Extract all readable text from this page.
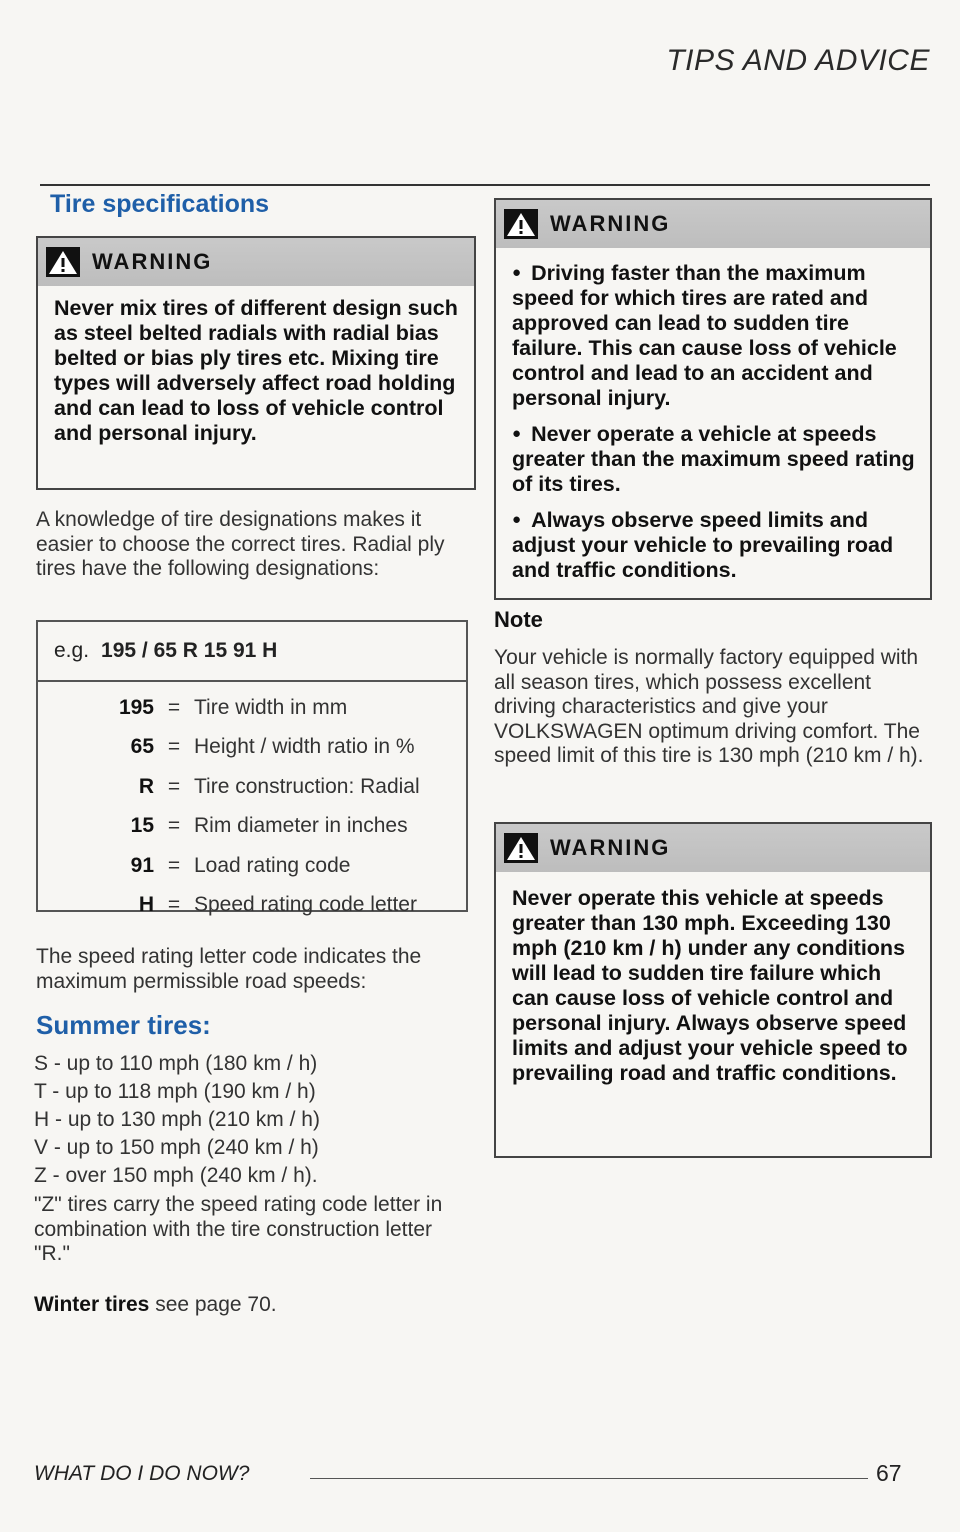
TIPS AND ADVICE
Tire specifications
WARNING

Never mix tires of different design such as steel belted radials with radial bias belted or bias ply tires etc. Mixing tire types will adversely affect road holding and can lead to loss of vehicle control and personal injury.

A knowledge of tire designations makes it easier to choose the correct tires. Radial ply tires have the following designations:
e.g. 195 / 65 R 15 91 H
195 = Tire width in mm
65 = Height / width ratio in %
R = Tire construction: Radial
15 = Rim diameter in inches
91 = Load rating code
H = Speed rating code letter
The speed rating letter code indicates the maximum permissible road speeds:
Summer tires:
S - up to 110 mph (180 km / h)
T - up to 118 mph (190 km / h)
H - up to 130 mph (210 km / h)
V - up to 150 mph (240 km / h)
Z - over 150 mph (240 km / h).
"Z" tires carry the speed rating code letter in combination with the tire construction letter "R."
Winter tires see page 70.
WARNING

● Driving faster than the maximum speed for which tires are rated and approved can lead to sudden tire failure. This can cause loss of vehicle control and lead to an accident and personal injury.

● Never operate a vehicle at speeds greater than the maximum speed rating of its tires.

● Always observe speed limits and adjust your vehicle to prevailing road and traffic conditions.

Note
Your vehicle is normally factory equipped with all season tires, which possess excellent driving characteristics and give your VOLKSWAGEN optimum driving comfort. The speed limit of this tire is 130 mph (210 km / h).
WARNING

Never operate this vehicle at speeds greater than 130 mph. Exceeding 130 mph (210 km / h) under any conditions will lead to sudden tire failure which can cause loss of vehicle control and personal injury. Always observe speed limits and adjust your vehicle speed to prevailing road and traffic conditions.

WHAT DO I DO NOW?	67
